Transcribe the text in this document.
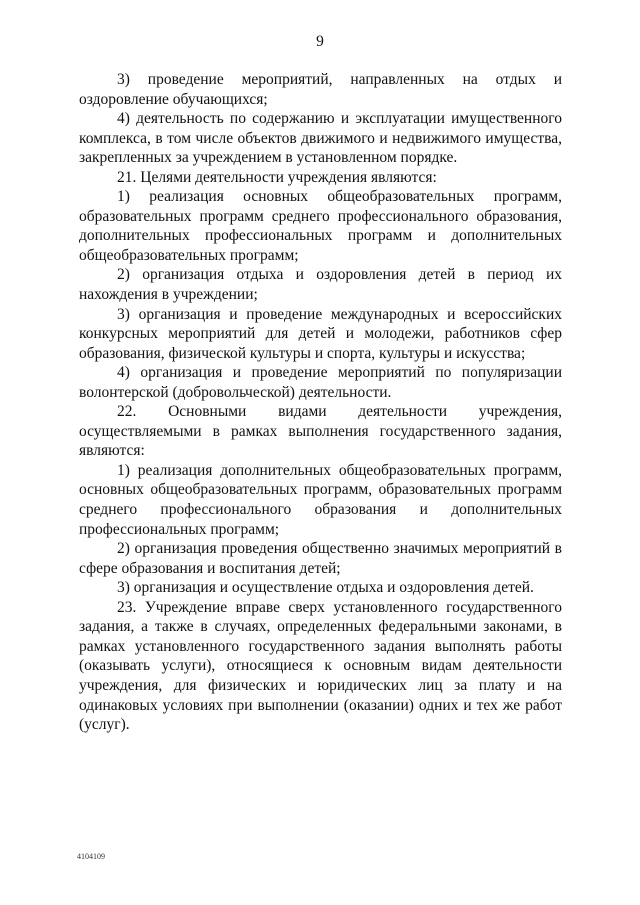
9

3) проведение мероприятий, направленных на отдых и оздоровление обучающихся;

4) деятельность по содержанию и эксплуатации имущественного комплекса, в том числе объектов движимого и недвижимого имущества, закрепленных за учреждением в установленном порядке.

21. Целями деятельности учреждения являются:

1) реализация основных общеобразовательных программ, образовательных программ среднего профессионального образования, дополнительных профессиональных программ и дополнительных общеобразовательных программ;

2) организация отдыха и оздоровления детей в период их нахождения в учреждении;

3) организация и проведение международных и всероссийских конкурсных мероприятий для детей и молодежи, работников сфер образования, физической культуры и спорта, культуры и искусства;

4) организация и проведение мероприятий по популяризации волонтерской (добровольческой) деятельности.

22. Основными видами деятельности учреждения, осуществляемыми в рамках выполнения государственного задания, являются:

1) реализация дополнительных общеобразовательных программ, основных общеобразовательных программ, образовательных программ среднего профессионального образования и дополнительных профессиональных программ;

2) организация проведения общественно значимых мероприятий в сфере образования и воспитания детей;

3) организация и осуществление отдыха и оздоровления детей.

23. Учреждение вправе сверх установленного государственного задания, а также в случаях, определенных федеральными законами, в рамках установленного государственного задания выполнять работы (оказывать услуги), относящиеся к основным видам деятельности учреждения, для физических и юридических лиц за плату и на одинаковых условиях при выполнении (оказании) одних и тех же работ (услуг).

4104109
